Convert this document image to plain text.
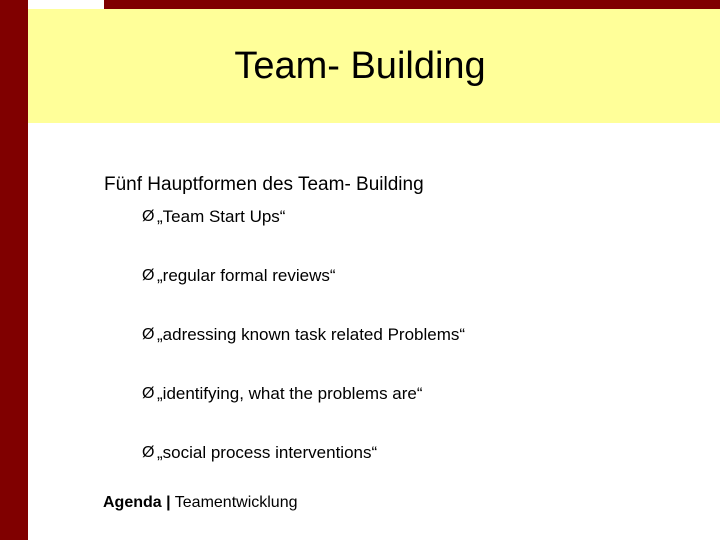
Team- Building
Fünf Hauptformen des Team- Building
Ø „Team Start Ups“
Ø „regular formal reviews“
Ø „adressing known task related Problems“
Ø „identifying, what the problems are“
Ø „social process interventions“
Agenda | Teamentwicklung
